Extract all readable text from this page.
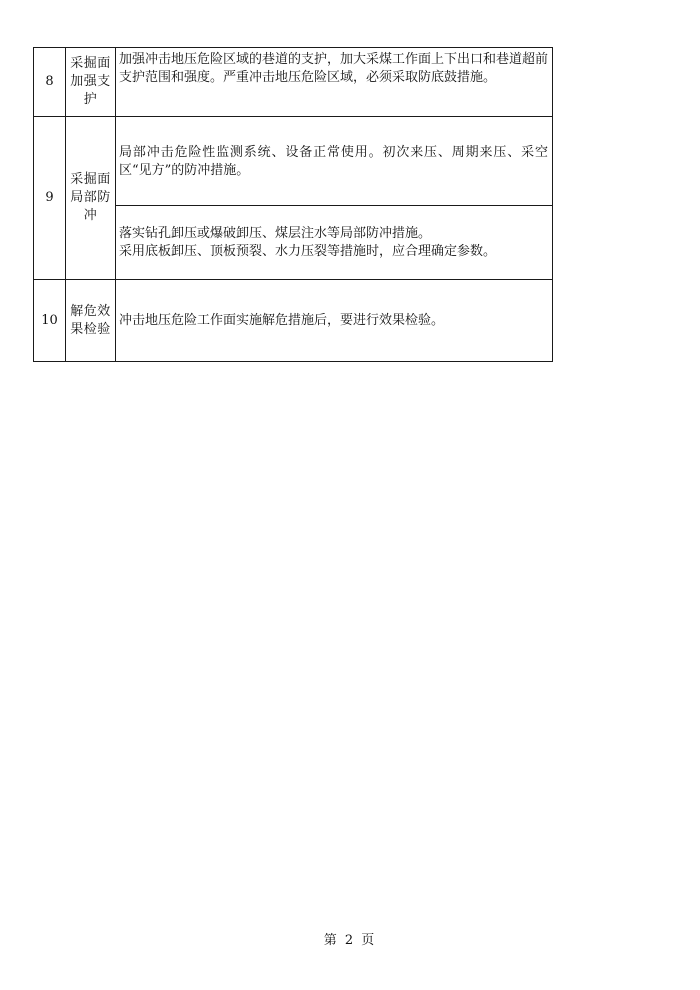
8	采掘面加强支护	加强冲击地压危险区域的巷道的支护，加大采煤工作面上下出口和巷道超前支护范围和强度。严重冲击地压危险区域，必须采取防底鼓措施。

9	采掘面局部防冲	局部冲击危险性监测系统、设备正常使用。初次来压、周期来压、采空区“见方”的防冲措施。

		落实钻孔卸压或爆破卸压、煤层注水等局部防冲措施。
采用底板卸压、顶板预裂、水力压裂等措施时，应合理确定参数。

10	解危效果检验	冲击地压危险工作面实施解危措施后，要进行效果检验。
第 2 页
